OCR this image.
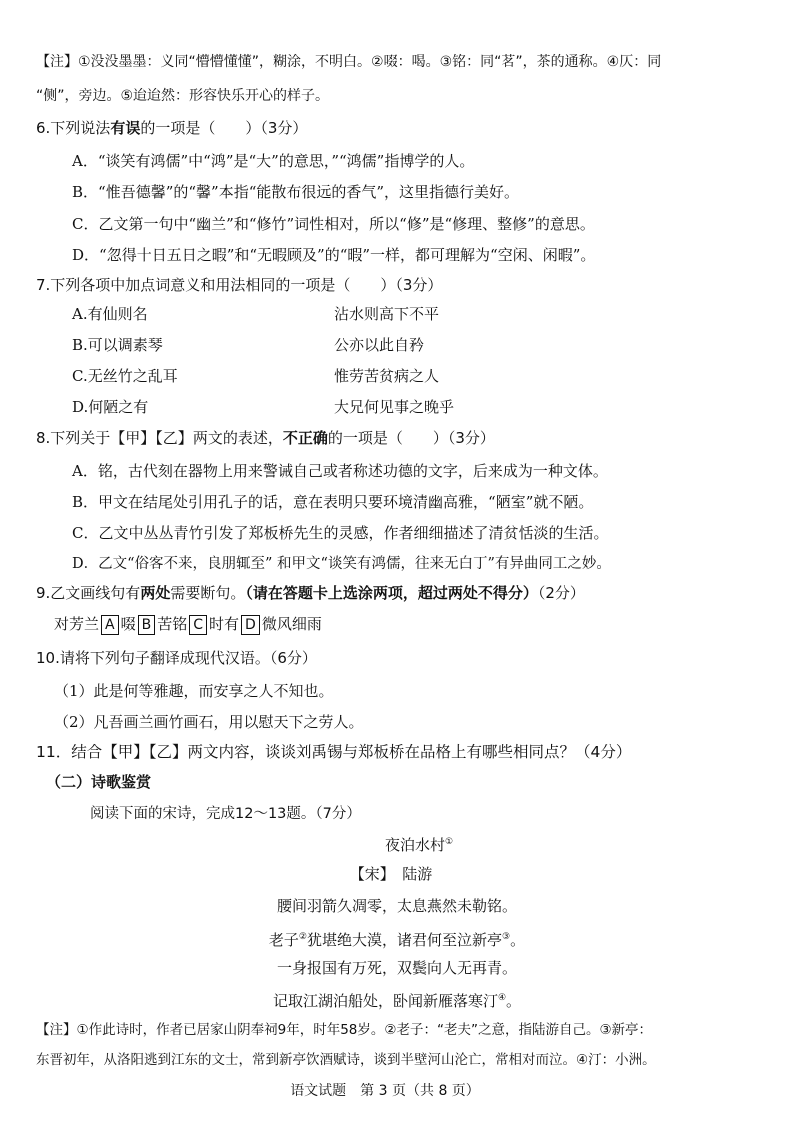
【注】①没没墨墨：义同“懵懵懂懂”，糊涂，不明白。②啜：喝。③铭：同“茗”，茶的通称。④仄：同
“侧”，旁边。⑤迨迨然：形容快乐开心的样子。
6.下列说法有误的一项是（　　）（3分）
A．“谈笑有鸿儒”中“鸿”是“大”的意思，”“鸿儒”指博学的人。
B．“惟吾德馨”的“馨”本指“能散布很远的香气”，这里指德行美好。
C．乙文第一句中“幽兰”和“修竹”词性相对，所以“修”是“修理、整修”的意思。
D．“忽得十日五日之暇”和“无暇顾及”的“暇”一样，都可理解为“空闲、闲暇”。
7.下列各项中加点词意义和用法相同的一项是（　　）（3分）
A.有仙则名	沾水则高下不平
B.可以调素琴	公亦以此自矜
C.无丝竹之乱耳	惟劳苦贫病之人
D.何陋之有	大兄何见事之晚乎
8.下列关于【甲】【乙】两文的表述，不正确的一项是（　　）（3分）
A．铭，古代刻在器物上用来警诫自己或者称述功德的文字，后来成为一种文体。
B．甲文在结尾处引用孔子的话，意在表明只要环境清幽高雅，“陋室”就不陋。
C．乙文中丛丛青竹引发了郑板桥先生的灵感，作者细细描述了清贫恬淡的生活。
D．乙文“俗客不来，良朋辄至” 和甲文“谈笑有鸿儒，往来无白丁”有异曲同工之妙。
9.乙文画线句有两处需要断句。（请在答题卡上选涂两项，超过两处不得分）（2分）
对芳兰 A 啜 B 苦铭 C 时有 D 微风细雨
10.请将下列句子翻译成现代汉语。（6分）
（1）此是何等雅趣，而安享之人不知也。
（2）凡吾画兰画竹画石，用以慰天下之劳人。
11．结合【甲】【乙】两文内容，谈谈刘禹锡与郑板桥在品格上有哪些相同点？（4分）
（二）诗歌鉴赏
阅读下面的宋诗，完成12～13题。（7分）
夜泊水村①
【宋】　陆游
腰间羽箭久凋零，太息燕然未勒铭。
老子②犹堪绝大漠，诸君何至泣新亭③。
一身报国有万死，双鬓向人无再青。
记取江湖泊船处，卧闻新雁落寒汀④。
【注】①作此诗时，作者已居家山阴奉祠9年，时年58岁。②老子：“老夫”之意，指陆游自己。③新亭：
东晋初年，从洛阳逃到江东的文士，常到新亭饮酒赋诗，谈到半壁河山沦亡，常相对而泣。④汀：小洲。
语文试题　第 3 页（共 8 页）
